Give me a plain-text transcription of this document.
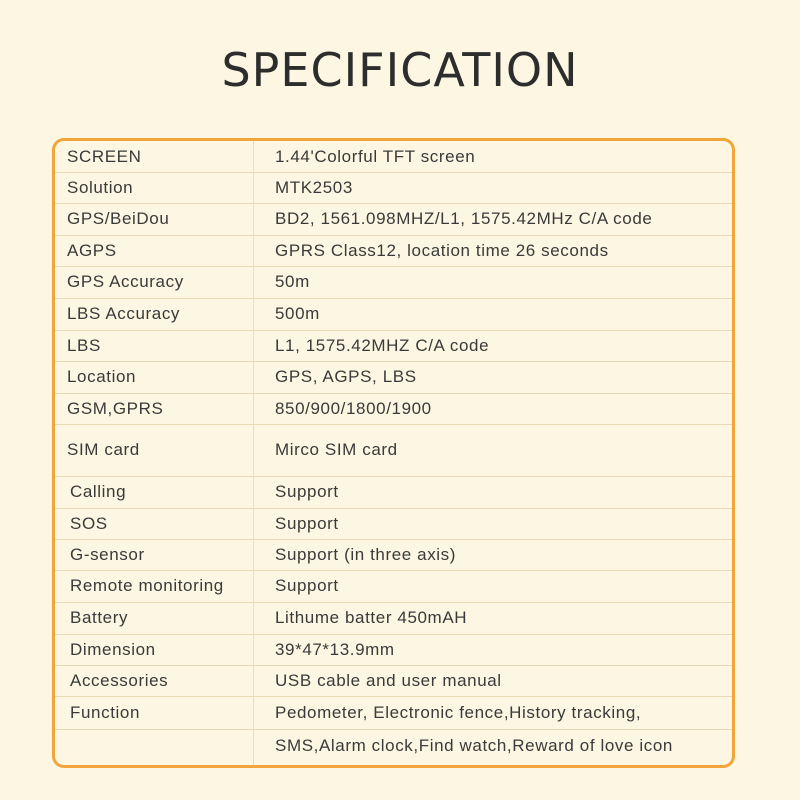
SPECIFICATION
SCREEN	1.44'Colorful TFT screen
Solution	MTK2503
GPS/BeiDou	BD2, 1561.098MHZ/L1, 1575.42MHz C/A code
AGPS	GPRS Class12, location time 26 seconds
GPS Accuracy	50m
LBS Accuracy	500m
LBS	L1, 1575.42MHZ C/A code
Location	GPS, AGPS, LBS
GSM,GPRS	850/900/1800/1900
SIM card	Mirco SIM card
Calling	Support
SOS	Support
G-sensor	Support (in three axis)
Remote monitoring	Support
Battery	Lithume batter 450mAH
Dimension	39*47*13.9mm
Accessories	USB cable and user manual
Function	Pedometer, Electronic fence,History tracking,
SMS,Alarm clock,Find watch,Reward of love icon
